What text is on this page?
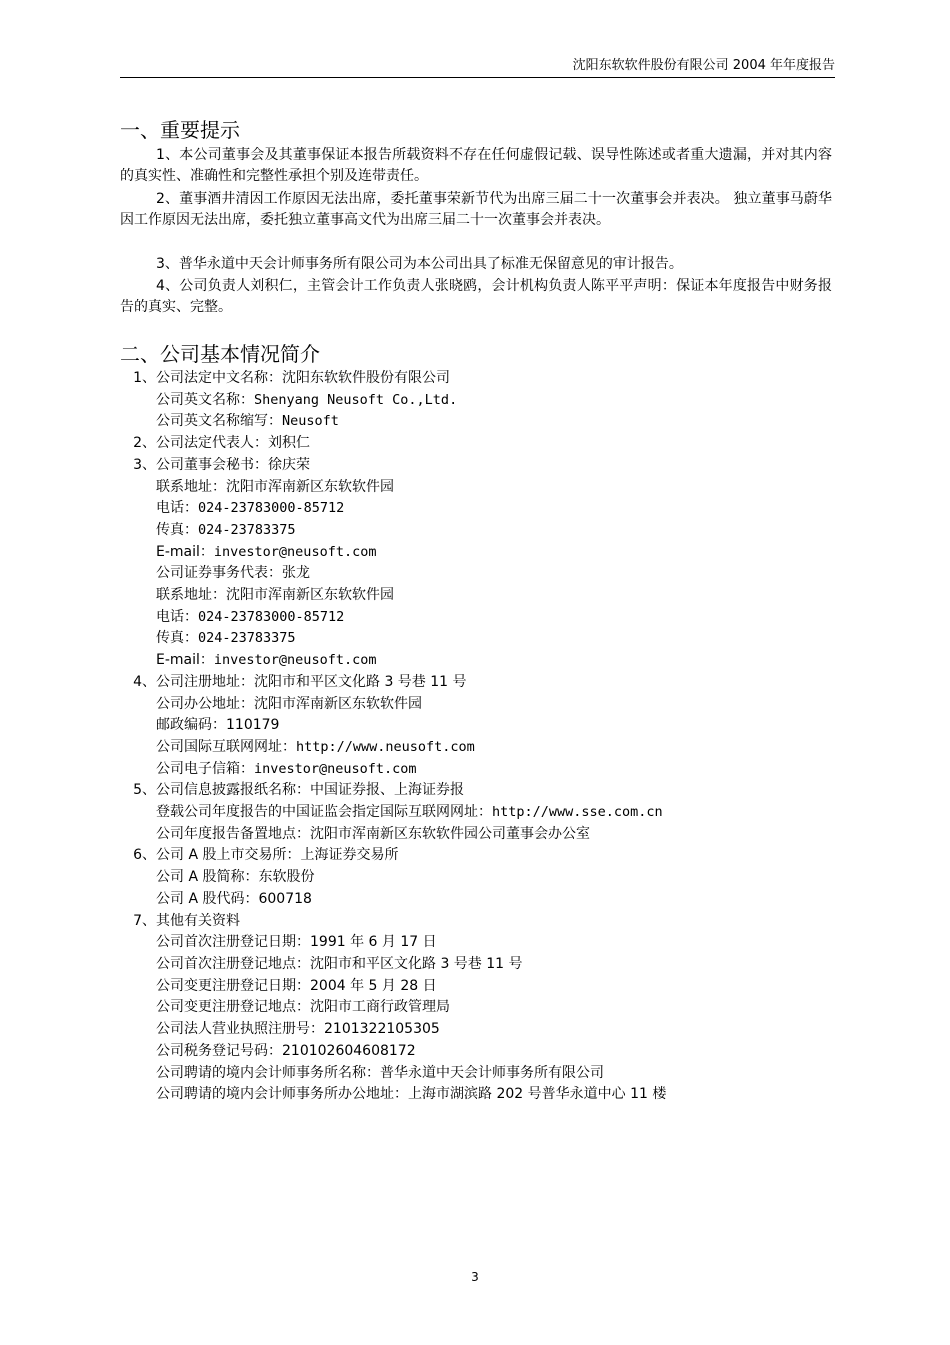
沈阳东软软件股份有限公司 2004 年年度报告
一、重要提示
1、本公司董事会及其董事保证本报告所载资料不存在任何虚假记载、误导性陈述或者重大遗漏，并对其内容的真实性、准确性和完整性承担个别及连带责任。
2、董事酒井清因工作原因无法出席，委托董事荣新节代为出席三届二十一次董事会并表决。 独立董事马蔚华因工作原因无法出席，委托独立董事高文代为出席三届二十一次董事会并表决。
3、普华永道中天会计师事务所有限公司为本公司出具了标准无保留意见的审计报告。
4、公司负责人刘积仁，主管会计工作负责人张晓鸥，会计机构负责人陈平平声明：保证本年度报告中财务报告的真实、完整。
二、公司基本情况简介
1、公司法定中文名称：沈阳东软软件股份有限公司
公司英文名称：Shenyang Neusoft Co.,Ltd.
公司英文名称缩写：Neusoft
2、公司法定代表人：刘积仁
3、公司董事会秘书：徐庆荣
联系地址：沈阳市浑南新区东软软件园
电话：024-23783000-85712
传真：024-23783375
E-mail：investor@neusoft.com
公司证券事务代表：张龙
联系地址：沈阳市浑南新区东软软件园
电话：024-23783000-85712
传真：024-23783375
E-mail：investor@neusoft.com
4、公司注册地址：沈阳市和平区文化路 3 号巷 11 号
公司办公地址：沈阳市浑南新区东软软件园
邮政编码：110179
公司国际互联网网址：http://www.neusoft.com
公司电子信箱：investor@neusoft.com
5、公司信息披露报纸名称：中国证券报、上海证券报
登载公司年度报告的中国证监会指定国际互联网网址：http://www.sse.com.cn
公司年度报告备置地点：沈阳市浑南新区东软软件园公司董事会办公室
6、公司 A 股上市交易所：上海证券交易所
公司 A 股简称：东软股份
公司 A 股代码：600718
7、其他有关资料
公司首次注册登记日期：1991 年 6 月 17 日
公司首次注册登记地点：沈阳市和平区文化路 3 号巷 11 号
公司变更注册登记日期：2004 年 5 月 28 日
公司变更注册登记地点：沈阳市工商行政管理局
公司法人营业执照注册号：2101322105305
公司税务登记号码：210102604608172
公司聘请的境内会计师事务所名称：普华永道中天会计师事务所有限公司
公司聘请的境内会计师事务所办公地址：上海市湖滨路 202 号普华永道中心 11 楼
3
